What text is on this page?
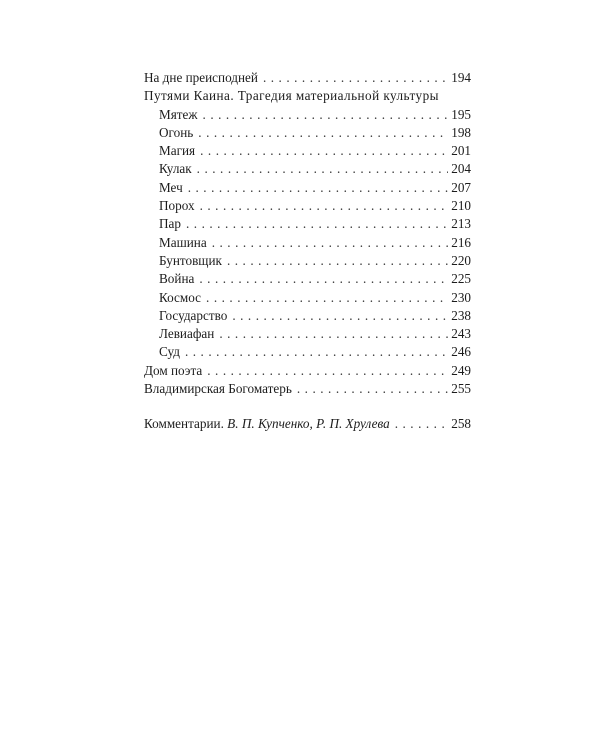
На дне преисподней . . .	194
Путями Каина. Трагедия материальной культуры
Мятеж . . .	195
Огонь . . .	198
Магия . . .	201
Кулак . . .	204
Меч . . .	207
Порох . . .	210
Пар . . .	213
Машина . . .	216
Бунтовщик . . .	220
Война . . .	225
Космос . . .	230
Государство . . .	238
Левиафан . . .	243
Суд . . .	246
Дом поэта . . .	249
Владимирская Богоматерь . . .	255
Комментарии. В. П. Купченко, Р. П. Хрулева . . .	258
